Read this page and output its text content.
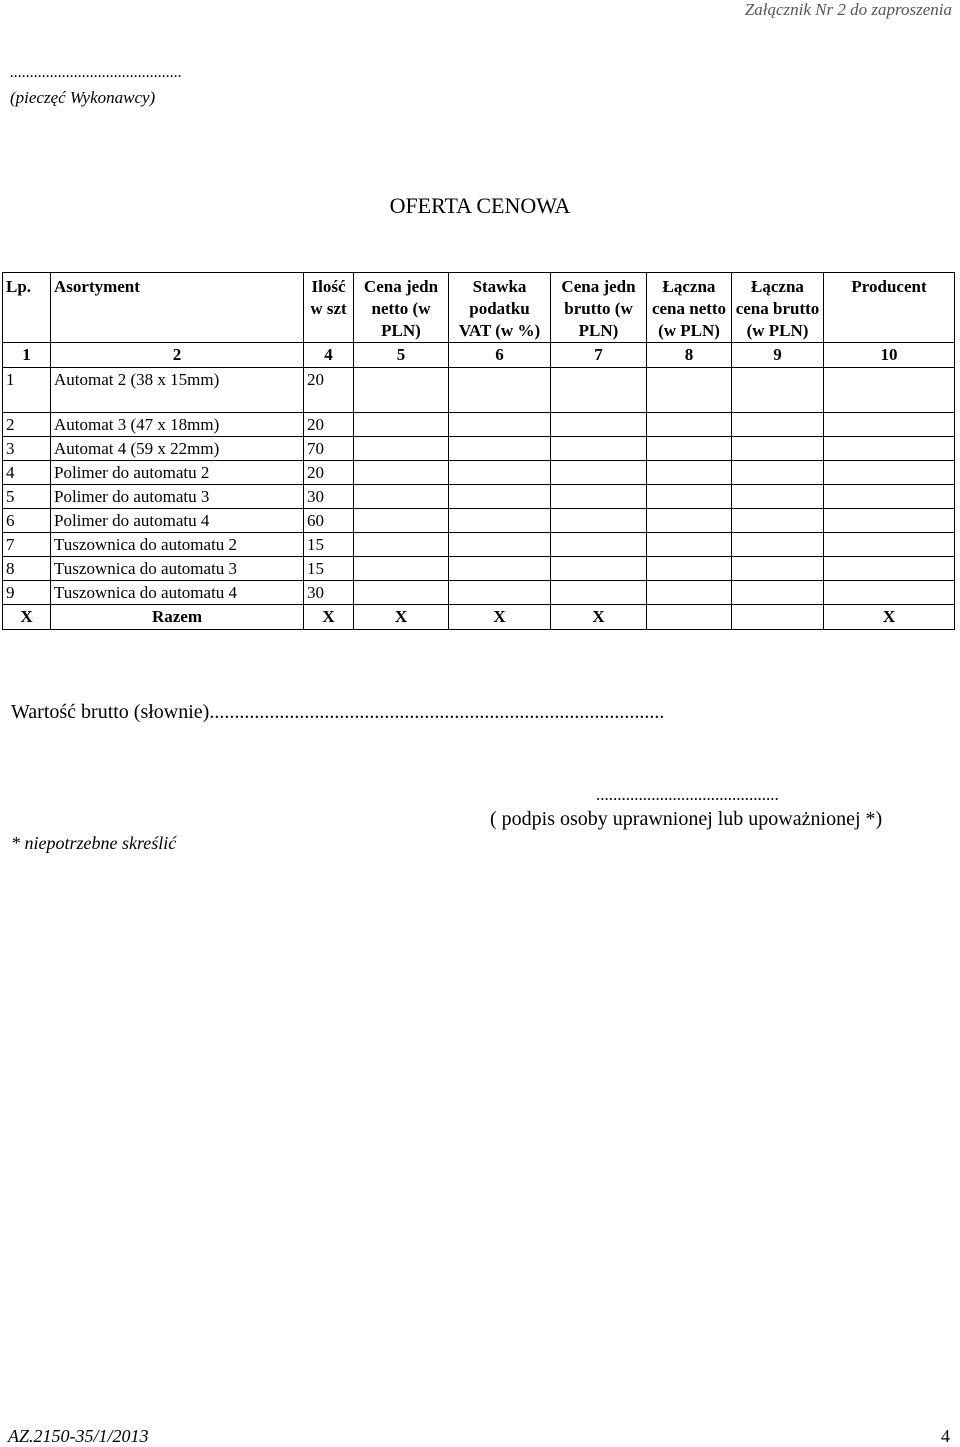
Załącznik Nr 2 do zaproszenia
...........................................
(pieczęć Wykonawcy)
OFERTA CENOWA
Lp.	Asortyment	Ilość w szt	Cena jedn netto (w PLN)	Stawka podatku VAT (w %)	Cena jedn brutto (w PLN)	Łączna cena netto (w PLN)	Łączna cena brutto (w PLN)	Producent
1	2	4	5	6	7	8	9	10
1	Automat 2 (38 x 15mm)	20						
2	Automat 3 (47 x 18mm)	20						
3	Automat 4 (59 x 22mm)	70						
4	Polimer do automatu 2	20						
5	Polimer do automatu 3	30						
6	Polimer do automatu 4	60						
7	Tuszownica do automatu 2	15						
8	Tuszownica do automatu 3	15						
9	Tuszownica do automatu 4	30						
X	Razem	X	X	X	X			X
Wartość brutto (słownie)...........................................................................................
...........................................
( podpis osoby uprawnionej lub upoważnionej *)
* niepotrzebne skreślić
AZ.2150-35/1/2013	4
